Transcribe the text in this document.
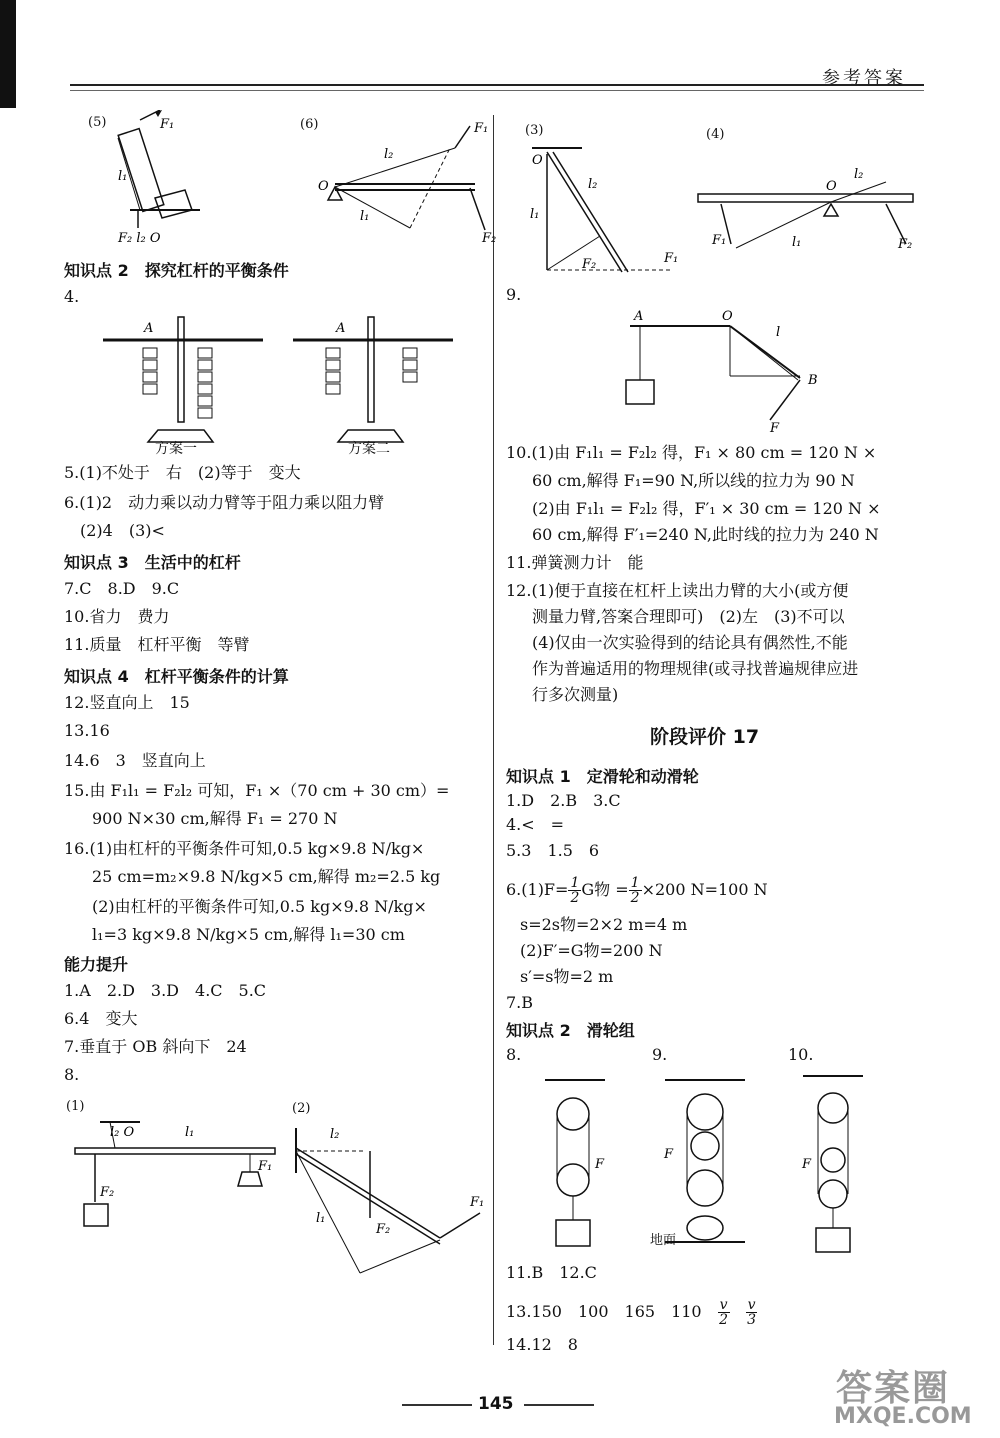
参考答案
(5)	F₁
l₁
F₂ l₂ O
(6)
O
l₂
l₁
F₁
F₂
知识点 2　探究杠杆的平衡条件
4.
A	A
方案一	方案二
5.(1)不处于　右　(2)等于　变大
6.(1)2　动力乘以动力臂等于阻力乘以阻力臂
(2)4　(3)<
知识点 3　生活中的杠杆
7.C　8.D　9.C
10.省力　费力
11.质量　杠杆平衡　等臂
知识点 4　杠杆平衡条件的计算
12.竖直向上　15
13.16
14.6　3　竖直向上
15.由 F₁l₁ = F₂l₂ 可知，F₁ ×（70 cm + 30 cm）=
900 N×30 cm,解得 F₁ = 270 N
16.(1)由杠杆的平衡条件可知,0.5 kg×9.8 N/kg×
25 cm=m₂×9.8 N/kg×5 cm,解得 m₂=2.5 kg
(2)由杠杆的平衡条件可知,0.5 kg×9.8 N/kg×
l₁=3 kg×9.8 N/kg×5 cm,解得 l₁=30 cm
能力提升
1.A　2.D　3.D　4.C　5.C
6.4　变大
7.垂直于 OB 斜向下　24
8.
(1)
l₂ O	l₁
F₂
F₁
(2)
l₂
l₁
F₂
F₁
(3)
O
l₂
l₁
F₂	F₁
(4)
O
l₂
l₁
F₁	F₂
9.
A	O
l
B
F
10.(1)由 F₁l₁ = F₂l₂ 得，F₁ × 80 cm = 120 N ×
60 cm,解得 F₁=90 N,所以线的拉力为 90 N
(2)由 F₁l₁ = F₂l₂ 得，F′₁ × 30 cm = 120 N ×
60 cm,解得 F′₁=240 N,此时线的拉力为 240 N
11.弹簧测力计　能
12.(1)便于直接在杠杆上读出力臂的大小(或方便
测量力臂,答案合理即可)　(2)左　(3)不可以
(4)仅由一次实验得到的结论具有偶然性,不能
作为普遍适用的物理规律(或寻找普遍规律应进
行多次测量)
阶段评价 17
知识点 1　定滑轮和动滑轮
1.D　2.B　3.C
4.<　=
5.3　1.5　6
$6.(1)F= \frac{1}{2}$ G物 = $\frac{1}{2} \times 200$ N=100 N
s=2s物=2×2 m=4 m
(2)F′=G物=200 N
s′=s物=2 m
7.B
知识点 2　滑轮组
8.	9.	10.
F
F
地面
F
11.B　12.C
13.150　100　165　110　 $\frac{v}{2}$
　 $\frac{v}{3}$
14.12　8
145	答案圈
MXQE.COM
